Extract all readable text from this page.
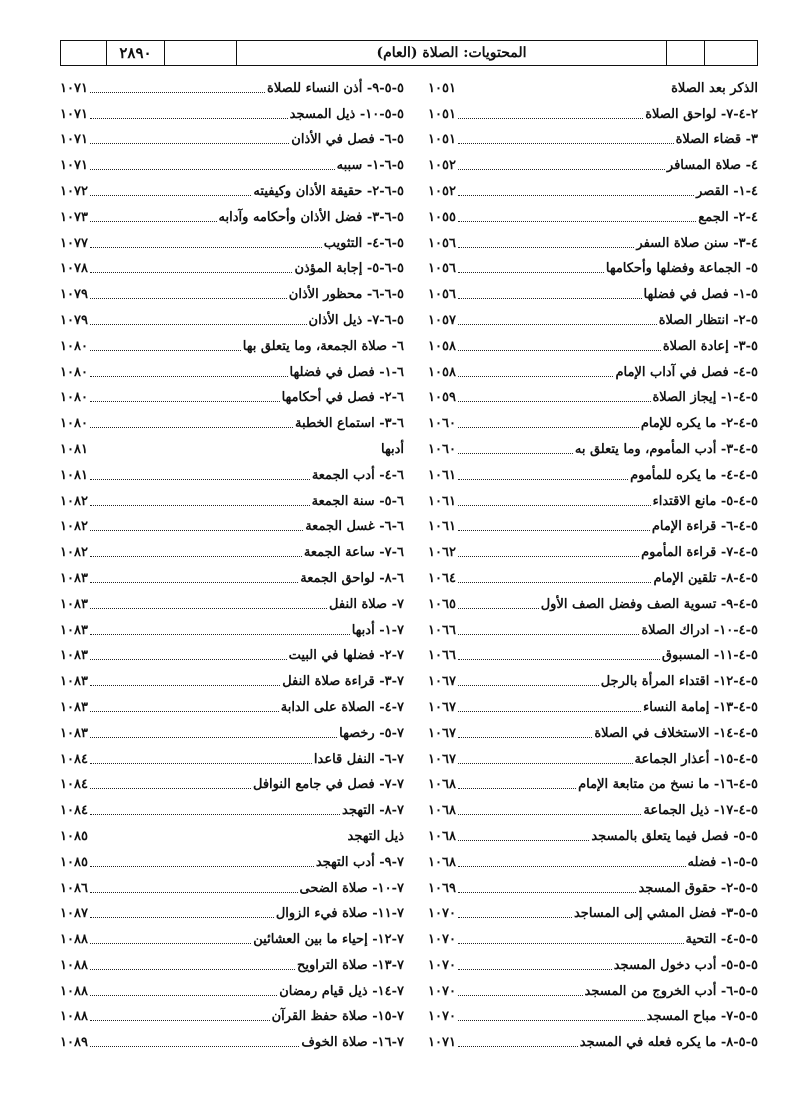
٢٨٩٠	المحتويات: الصلاة (العام)
الذكر بعد الصلاة
١٠٥١
٢-٤-٧- لواحق الصلاة
١٠٥١
٣- قضاء الصلاة
١٠٥١
٤- صلاة المسافر
١٠٥٢
٤-١- القصر
١٠٥٢
٤-٢- الجمع
١٠٥٥
٤-٣- سنن صلاة السفر
١٠٥٦
٥- الجماعة وفضلها وأحكامها
١٠٥٦
٥-١- فصل في فضلها
١٠٥٦
٥-٢- انتظار الصلاة
١٠٥٧
٥-٣- إعادة الصلاة
١٠٥٨
٥-٤- فصل في آداب الإمام
١٠٥٨
٥-٤-١- إيجاز الصلاة
١٠٥٩
٥-٤-٢- ما يكره للإمام
١٠٦٠
٥-٤-٣- أدب المأموم، وما يتعلق به
١٠٦٠
٥-٤-٤- ما يكره للمأموم
١٠٦١
٥-٤-٥- مانع الاقتداء
١٠٦١
٥-٤-٦- قراءة الإمام
١٠٦١
٥-٤-٧- قراءة المأموم
١٠٦٢
٥-٤-٨- تلقين الإمام
١٠٦٤
٥-٤-٩- تسوية الصف وفضل الصف الأول
١٠٦٥
٥-٤-١٠- ادراك الصلاة
١٠٦٦
٥-٤-١١- المسبوق
١٠٦٦
٥-٤-١٢- اقتداء المرأة بالرجل
١٠٦٧
٥-٤-١٣- إمامة النساء
١٠٦٧
٥-٤-١٤- الاستخلاف في الصلاة
١٠٦٧
٥-٤-١٥- أعذار الجماعة
١٠٦٧
٥-٤-١٦- ما نسخ من متابعة الإمام
١٠٦٨
٥-٤-١٧- ذيل الجماعة
١٠٦٨
٥-٥- فصل فيما يتعلق بالمسجد
١٠٦٨
٥-٥-١- فضله
١٠٦٨
٥-٥-٢- حقوق المسجد
١٠٦٩
٥-٥-٣- فضل المشي إلى المساجد
١٠٧٠
٥-٥-٤- التحية
١٠٧٠
٥-٥-٥- أدب دخول المسجد
١٠٧٠
٥-٥-٦- أدب الخروج من المسجد
١٠٧٠
٥-٥-٧- مباح المسجد
١٠٧٠
٥-٥-٨- ما يكره فعله في المسجد
١٠٧١
٥-٥-٩- أذن النساء للصلاة
١٠٧١
٥-٥-١٠- ذيل المسجد
١٠٧١
٥-٦- فصل في الأذان
١٠٧١
٥-٦-١- سببه
١٠٧١
٥-٦-٢- حقيقة الأذان وكيفيته
١٠٧٢
٥-٦-٣- فضل الأذان وأحكامه وآدابه
١٠٧٣
٥-٦-٤- التثويب
١٠٧٧
٥-٦-٥- إجابة المؤذن
١٠٧٨
٥-٦-٦- محظور الأذان
١٠٧٩
٥-٦-٧- ذيل الأذان
١٠٧٩
٦- صلاة الجمعة، وما يتعلق بها
١٠٨٠
٦-١- فصل في فضلها
١٠٨٠
٦-٢- فصل في أحكامها
١٠٨٠
٦-٣- استماع الخطبة
١٠٨٠
أدبها
١٠٨١
٦-٤- أدب الجمعة
١٠٨١
٦-٥- سنة الجمعة
١٠٨٢
٦-٦- غسل الجمعة
١٠٨٢
٦-٧- ساعة الجمعة
١٠٨٢
٦-٨- لواحق الجمعة
١٠٨٣
٧- صلاة النفل
١٠٨٣
٧-١- أدبها
١٠٨٣
٧-٢- فضلها في البيت
١٠٨٣
٧-٣- قراءة صلاة النفل
١٠٨٣
٧-٤- الصلاة على الدابة
١٠٨٣
٧-٥- رخصها
١٠٨٣
٧-٦- النفل قاعدا
١٠٨٤
٧-٧- فصل في جامع النوافل
١٠٨٤
٧-٨- التهجد
١٠٨٤
ذيل التهجد
١٠٨٥
٧-٩- أدب التهجد
١٠٨٥
٧-١٠- صلاة الضحى
١٠٨٦
٧-١١- صلاة فيء الزوال
١٠٨٧
٧-١٢- إحياء ما بين العشائين
١٠٨٨
٧-١٣- صلاة التراويح
١٠٨٨
٧-١٤- ذيل قيام رمضان
١٠٨٨
٧-١٥- صلاة حفظ القرآن
١٠٨٨
٧-١٦- صلاة الخوف
١٠٨٩
